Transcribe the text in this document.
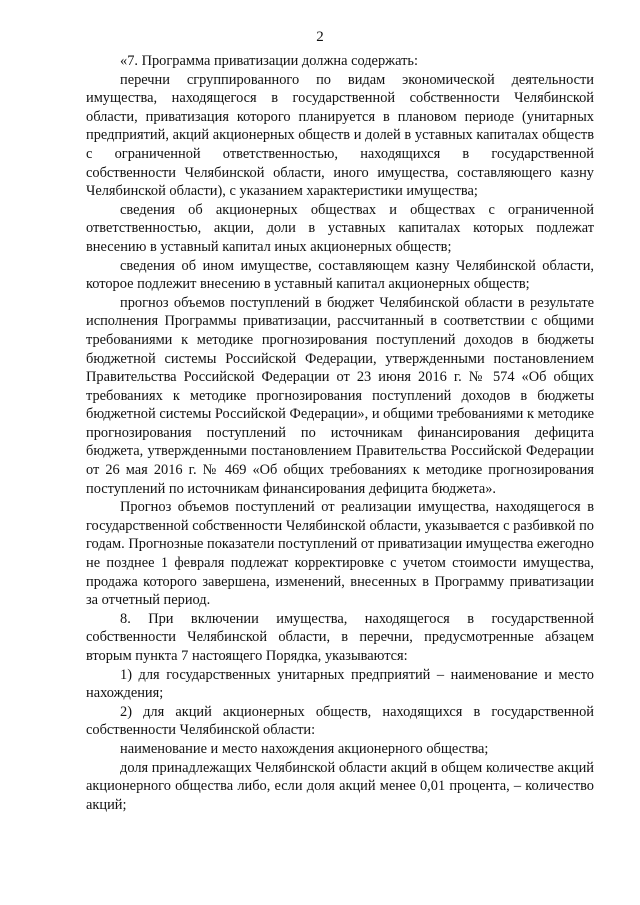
2

«7. Программа приватизации должна содержать:

перечни сгруппированного по видам экономической деятельности имущества, находящегося в государственной собственности Челябинской области, приватизация которого планируется в плановом периоде (унитарных предприятий, акций акционерных обществ и долей в уставных капиталах обществ с ограниченной ответственностью, находящихся в государственной собственности Челябинской области, иного имущества, составляющего казну Челябинской области), с указанием характеристики имущества;

сведения об акционерных обществах и обществах с ограниченной ответственностью, акции, доли в уставных капиталах которых подлежат внесению в уставный капитал иных акционерных обществ;

сведения об ином имуществе, составляющем казну Челябинской области, которое подлежит внесению в уставный капитал акционерных обществ;

прогноз объемов поступлений в бюджет Челябинской области в результате исполнения Программы приватизации, рассчитанный в соответствии с общими требованиями к методике прогнозирования поступлений доходов в бюджеты бюджетной системы Российской Федерации, утвержденными постановлением Правительства Российской Федерации от 23 июня 2016 г. № 574 «Об общих требованиях к методике прогнозирования поступлений доходов в бюджеты бюджетной системы Российской Федерации», и общими требованиями к методике прогнозирования поступлений по источникам финансирования дефицита бюджета, утвержденными постановлением Правительства Российской Федерации от 26 мая 2016 г. № 469 «Об общих требованиях к методике прогнозирования поступлений по источникам финансирования дефицита бюджета».

Прогноз объемов поступлений от реализации имущества, находящегося в государственной собственности Челябинской области, указывается с разбивкой по годам. Прогнозные показатели поступлений от приватизации имущества ежегодно не позднее 1 февраля подлежат корректировке с учетом стоимости имущества, продажа которого завершена, изменений, внесенных в Программу приватизации за отчетный период.

8. При включении имущества, находящегося в государственной собственности Челябинской области, в перечни, предусмотренные абзацем вторым пункта 7 настоящего Порядка, указываются:

1) для государственных унитарных предприятий – наименование и место нахождения;

2) для акций акционерных обществ, находящихся в государственной собственности Челябинской области:

наименование и место нахождения акционерного общества;

доля принадлежащих Челябинской области акций в общем количестве акций акционерного общества либо, если доля акций менее 0,01 процента, – количество акций;
